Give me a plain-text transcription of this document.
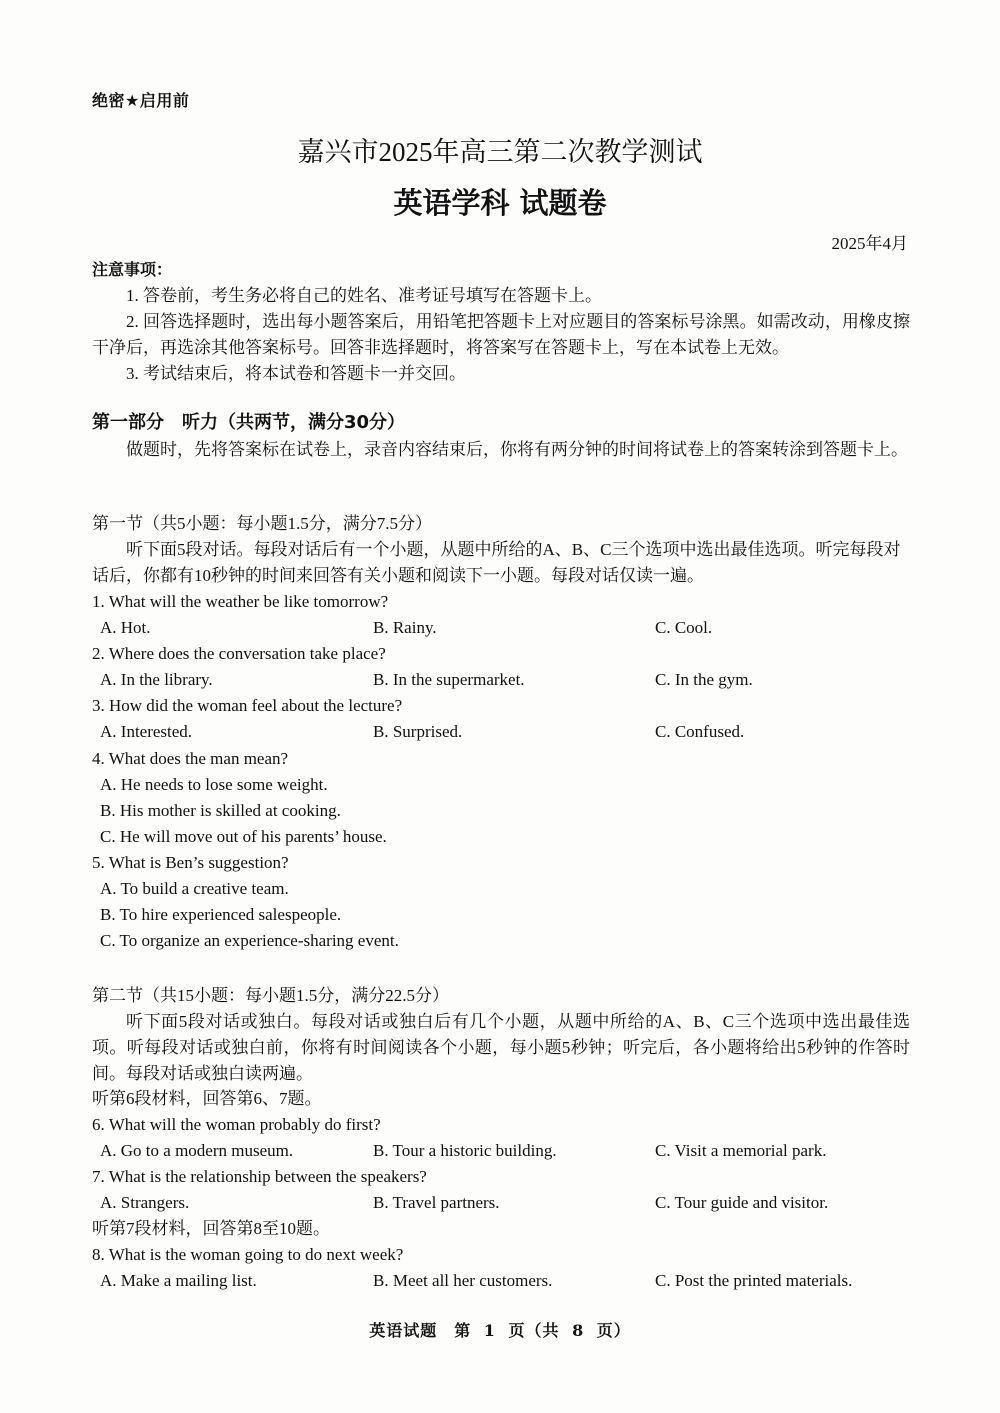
绝密★启用前
嘉兴市2025年高三第二次教学测试
英语学科 试题卷
2025年4月
注意事项：
1. 答卷前，考生务必将自己的姓名、准考证号填写在答题卡上。
2. 回答选择题时，选出每小题答案后，用铅笔把答题卡上对应题目的答案标号涂黑。如需改动，用橡皮擦干净后，再选涂其他答案标号。回答非选择题时，将答案写在答题卡上，写在本试卷上无效。
3. 考试结束后，将本试卷和答题卡一并交回。
第一部分　听力（共两节，满分30分）
做题时，先将答案标在试卷上，录音内容结束后，你将有两分钟的时间将试卷上的答案转涂到答题卡上。
第一节（共5小题：每小题1.5分，满分7.5分）
听下面5段对话。每段对话后有一个小题，从题中所给的A、B、C三个选项中选出最佳选项。听完每段对话后，你都有10秒钟的时间来回答有关小题和阅读下一小题。每段对话仅读一遍。
1. What will the weather be like tomorrow?
A. Hot.	B. Rainy.	C. Cool.
2. Where does the conversation take place?
A. In the library.	B. In the supermarket.	C. In the gym.
3. How did the woman feel about the lecture?
A. Interested.	B. Surprised.	C. Confused.
4. What does the man mean?
A. He needs to lose some weight.
B. His mother is skilled at cooking.
C. He will move out of his parents’ house.
5. What is Ben’s suggestion?
A. To build a creative team.
B. To hire experienced salespeople.
C. To organize an experience-sharing event.
第二节（共15小题：每小题1.5分，满分22.5分）
听下面5段对话或独白。每段对话或独白后有几个小题，从题中所给的A、B、C三个选项中选出最佳选项。听每段对话或独白前，你将有时间阅读各个小题，每小题5秒钟；听完后，各小题将给出5秒钟的作答时间。每段对话或独白读两遍。
听第6段材料，回答第6、7题。
6. What will the woman probably do first?
A. Go to a modern museum.	B. Tour a historic building.	C. Visit a memorial park.
7. What is the relationship between the speakers?
A. Strangers.	B. Travel partners.	C. Tour guide and visitor.
听第7段材料，回答第8至10题。
8. What is the woman going to do next week?
A. Make a mailing list.	B. Meet all her customers.	C. Post the printed materials.
英语试题　第 1 页（共 8 页）
